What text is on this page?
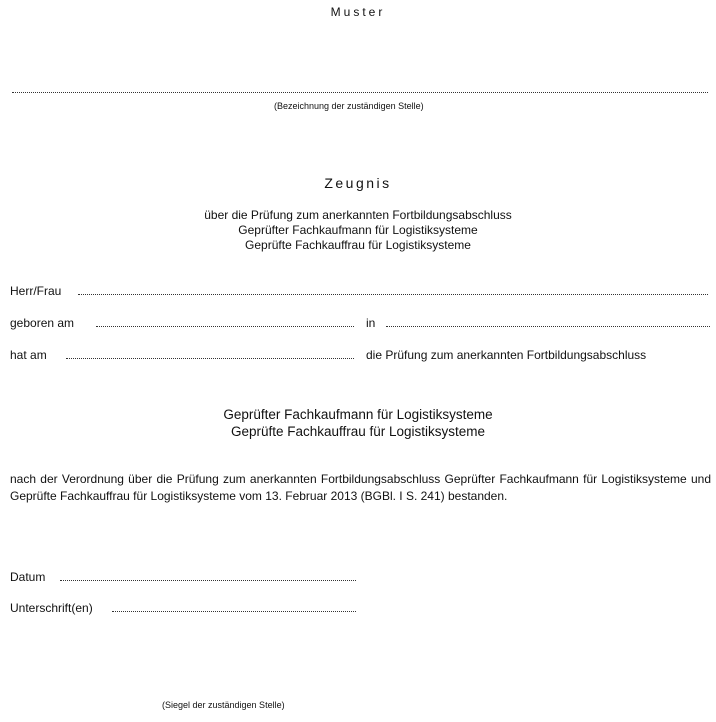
Muster
(Bezeichnung der zuständigen Stelle)
Zeugnis
über die Prüfung zum anerkannten Fortbildungsabschluss
Geprüfter Fachkaufmann für Logistiksysteme
Geprüfte Fachkauffrau für Logistiksysteme
Herr/Frau
geboren am	in
hat am	die Prüfung zum anerkannten Fortbildungsabschluss
Geprüfter Fachkaufmann für Logistiksysteme
Geprüfte Fachkauffrau für Logistiksysteme
nach der Verordnung über die Prüfung zum anerkannten Fortbildungsabschluss Geprüfter Fachkaufmann für Logistiksysteme und Geprüfte Fachkauffrau für Logistiksysteme vom 13. Februar 2013 (BGBl. I S. 241) bestanden.
Datum
Unterschrift(en)
(Siegel der zuständigen Stelle)
